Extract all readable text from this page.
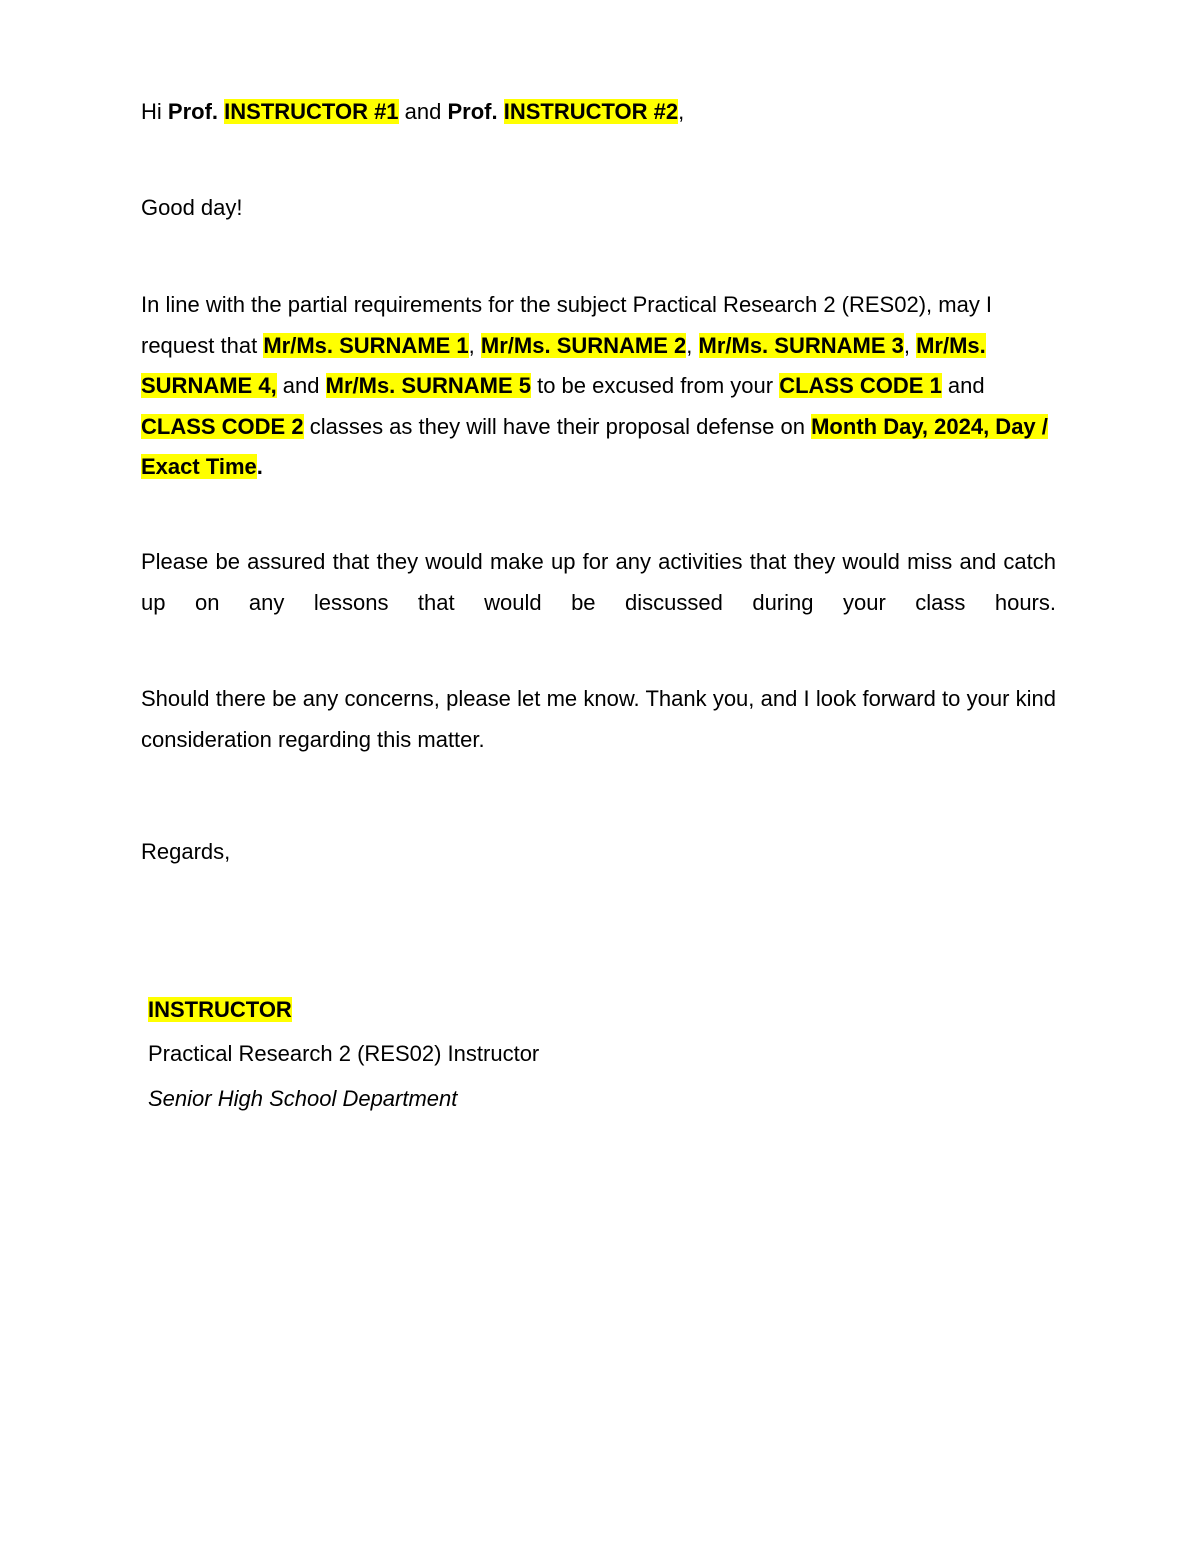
Hi Prof. INSTRUCTOR #1 and Prof. INSTRUCTOR #2,

Good day!

In line with the partial requirements for the subject Practical Research 2 (RES02), may I request that Mr/Ms. SURNAME 1, Mr/Ms. SURNAME 2, Mr/Ms. SURNAME 3, Mr/Ms. SURNAME 4, and Mr/Ms. SURNAME 5 to be excused from your CLASS CODE 1 and CLASS CODE 2 classes as they will have their proposal defense on Month Day, 2024, Day / Exact Time.

Please be assured that they would make up for any activities that they would miss and catch up on any lessons that would be discussed during your class hours.

Should there be any concerns, please let me know. Thank you, and I look forward to your kind consideration regarding this matter.

Regards,

INSTRUCTOR

Practical Research 2 (RES02) Instructor

Senior High School Department
